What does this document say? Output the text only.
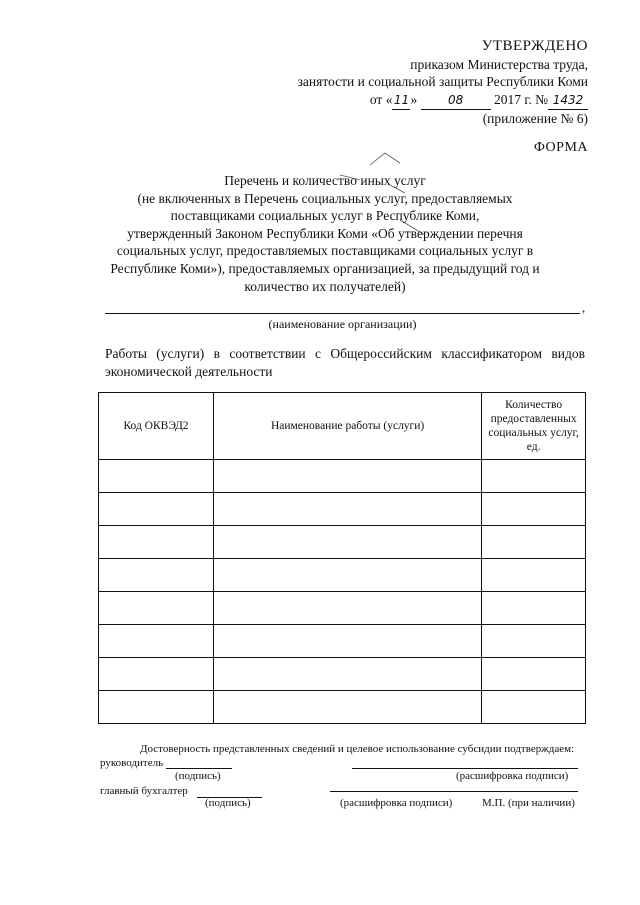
УТВЕРЖДЕНО
приказом Министерства труда,
занятости и социальной защиты Республики Коми
от «11»	08 2017 г. № 1432
(приложение № 6)
ФОРМА
Перечень и количество иных услуг
(не включенных в Перечень социальных услуг, предоставляемых
поставщиками социальных услуг в Республике Коми,
утвержденный Законом Республики Коми «Об утверждении перечня
социальных услуг, предоставляемых поставщиками социальных услуг в
Республике Коми»), предоставляемых организацией, за предыдущий год и
количество их получателей)
,
(наименование организации)
Работы (услуги) в соответствии с Общероссийским классификатором видов экономической деятельности
Код ОКВЭД2	Наименование работы (услуги)	Количество предоставленных социальных услуг, ед.

Достоверность представленных сведений и целевое использование субсидии подтверждаем:
руководитель
(подпись)	(расшифровка подписи)
главный бухгалтер
(подпись)	(расшифровка подписи)	М.П. (при наличии)
